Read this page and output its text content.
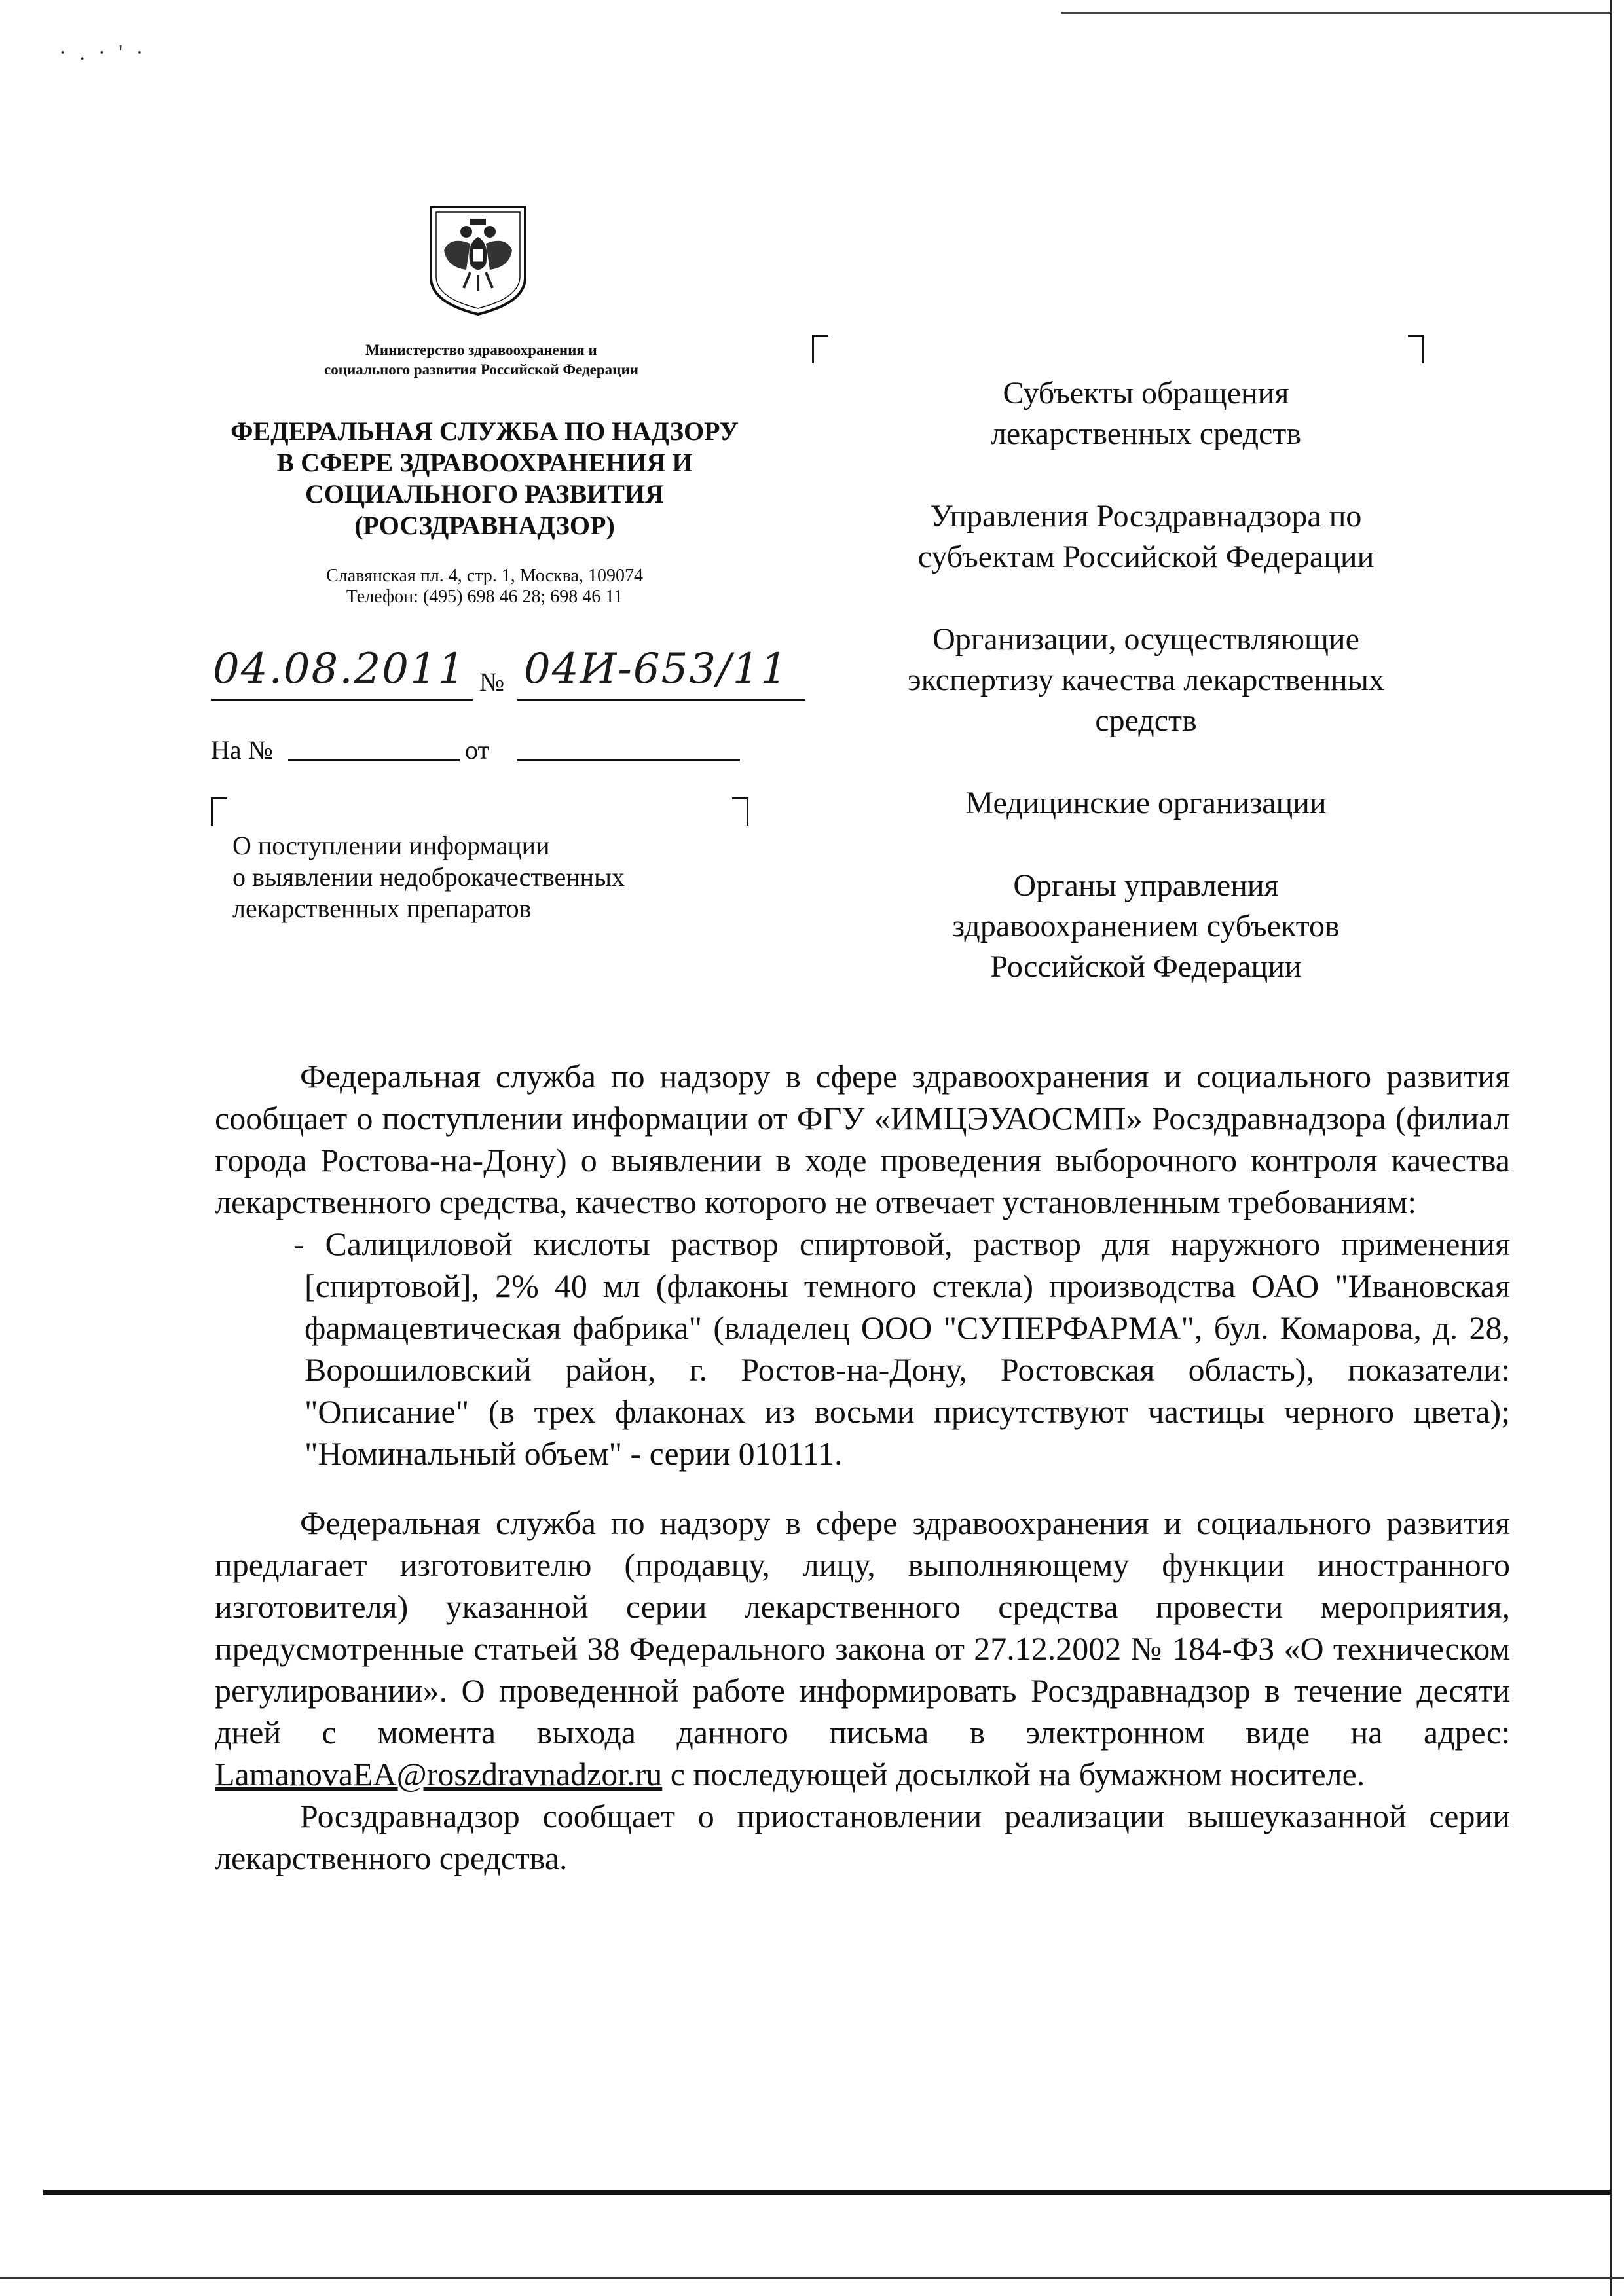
·.·'·
Министерство здравоохранения и
социального развития Российской Федерации
ФЕДЕРАЛЬНАЯ СЛУЖБА ПО НАДЗОРУ
В СФЕРЕ ЗДРАВООХРАНЕНИЯ И
СОЦИАЛЬНОГО РАЗВИТИЯ
(РОСЗДРАВНАДЗОР)
Славянская пл. 4, стр. 1, Москва, 109074
Телефон: (495) 698 46 28; 698 46 11
04.08.2011 № 04И-653/11
На №	от
О поступлении информации
о выявлении недоброкачественных
лекарственных препаратов
Субъекты обращения
лекарственных средств
Управления Росздравнадзора по
субъектам Российской Федерации
Организации, осуществляющие
экспертизу качества лекарственных
средств
Медицинские организации
Органы управления
здравоохранением субъектов
Российской Федерации

Федеральная служба по надзору в сфере здравоохранения и социального развития сообщает о поступлении информации от ФГУ «ИМЦЭУАОСМП» Росздравнадзора (филиал города Ростова-на-Дону) о выявлении в ходе проведения выборочного контроля качества лекарственного средства, качество которого не отвечает установленным требованиям:

- Салициловой кислоты раствор спиртовой, раствор для наружного применения [спиртовой], 2% 40 мл (флаконы темного стекла) производства ОАО "Ивановская фармацевтическая фабрика" (владелец ООО "СУПЕРФАРМА", бул. Комарова, д. 28, Ворошиловский район, г. Ростов-на-Дону, Ростовская область), показатели: "Описание" (в трех флаконах из восьми присутствуют частицы черного цвета); "Номинальный объем" - серии 010111.

Федеральная служба по надзору в сфере здравоохранения и социального развития предлагает изготовителю (продавцу, лицу, выполняющему функции иностранного изготовителя) указанной серии лекарственного средства провести мероприятия, предусмотренные статьей 38 Федерального закона от 27.12.2002 № 184-ФЗ «О техническом регулировании». О проведенной работе информировать Росздравнадзор в течение десяти дней с момента выхода данного письма в электронном виде на адрес: LamanovaEA@roszdravnadzor.ru с последующей досылкой на бумажном носителе.

Росздравнадзор сообщает о приостановлении реализации вышеуказанной серии лекарственного средства.
